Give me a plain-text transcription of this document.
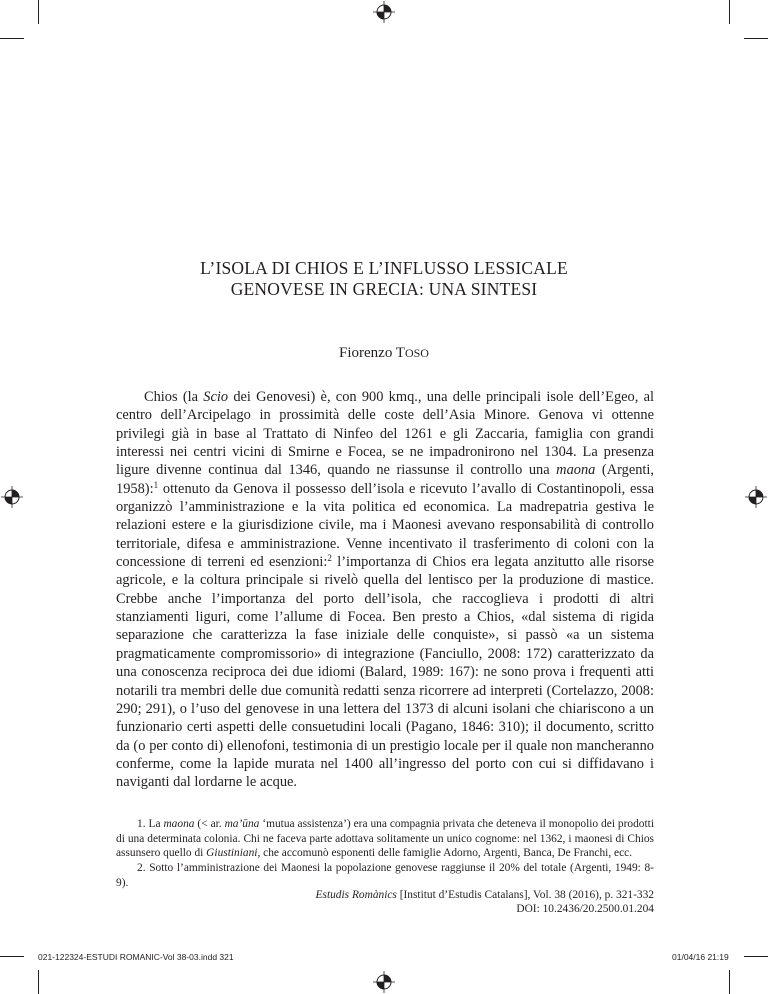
L’ISOLA DI CHIOS E L’INFLUSSO LESSICALE
GENOVESE IN GRECIA: UNA SINTESI
Fiorenzo TOSO

Chios (la Scio dei Genovesi) è, con 900 kmq., una delle principali isole dell’Egeo, al centro dell’Arcipelago in prossimità delle coste dell’Asia Minore. Genova vi ottenne privilegi già in base al Trattato di Ninfeo del 1261 e gli Zaccaria, famiglia con grandi interessi nei centri vicini di Smirne e Focea, se ne impadronirono nel 1304. La presenza ligure divenne continua dal 1346, quando ne riassunse il controllo una maona (Argenti, 1958):$^1$ ottenuto da Genova il possesso dell’isola e ricevuto l’avallo di Costantinopoli, essa organizzò l’amministrazione e la vita politica ed economica. La madrepatria gestiva le relazioni estere e la giurisdizione civile, ma i Maonesi avevano responsabilità di controllo territoriale, difesa e amministrazione. Venne incentivato il trasferimento di coloni con la concessione di terreni ed esenzioni:$^2$ l’importanza di Chios era legata anzitutto alle risorse agricole, e la coltura principale si rivelò quella del lentisco per la produzione di mastice. Crebbe anche l’importanza del porto dell’isola, che raccoglieva i prodotti di altri stanziamenti liguri, come l’allume di Focea. Ben presto a Chios, «dal sistema di rigida separazione che caratterizza la fase iniziale delle conquiste», si passò «a un sistema pragmaticamente compromissorio» di integrazione (Fanciullo, 2008: 172) caratterizzato da una conoscenza reciproca dei due idiomi (Balard, 1989: 167): ne sono prova i frequenti atti notarili tra membri delle due comunità redatti senza ricorrere ad interpreti (Cortelazzo, 2008: 290; 291), o l’uso del genovese in una lettera del 1373 di alcuni isolani che chiariscono a un funzionario certi aspetti delle consuetudini locali (Pagano, 1846: 310); il documento, scritto da (o per conto di) ellenofoni, testimonia di un prestigio locale per il quale non mancheranno conferme, come la lapide murata nel 1400 all’ingresso del porto con cui si diffidavano i naviganti dal lordarne le acque.

1. La maona (< ar. ma’ūna ‘mutua assistenza’) era una compagnia privata che deteneva il monopolio dei prodotti di una determinata colonia. Chi ne faceva parte adottava solitamente un unico cognome: nel 1362, i maonesi di Chios assunsero quello di Giustiniani, che accomunò esponenti delle famiglie Adorno, Argenti, Banca, De Franchi, ecc.

2. Sotto l’amministrazione dei Maonesi la popolazione genovese raggiunse il 20% del totale (Argenti, 1949: 8-9).

Estudis Romànics [Institut d’Estudis Catalans], Vol. 38 (2016), p. 321-332
DOI: 10.2436/20.2500.01.204
021-122324-ESTUDI ROMANIC-Vol 38-03.indd 321	01/04/16 21:19
